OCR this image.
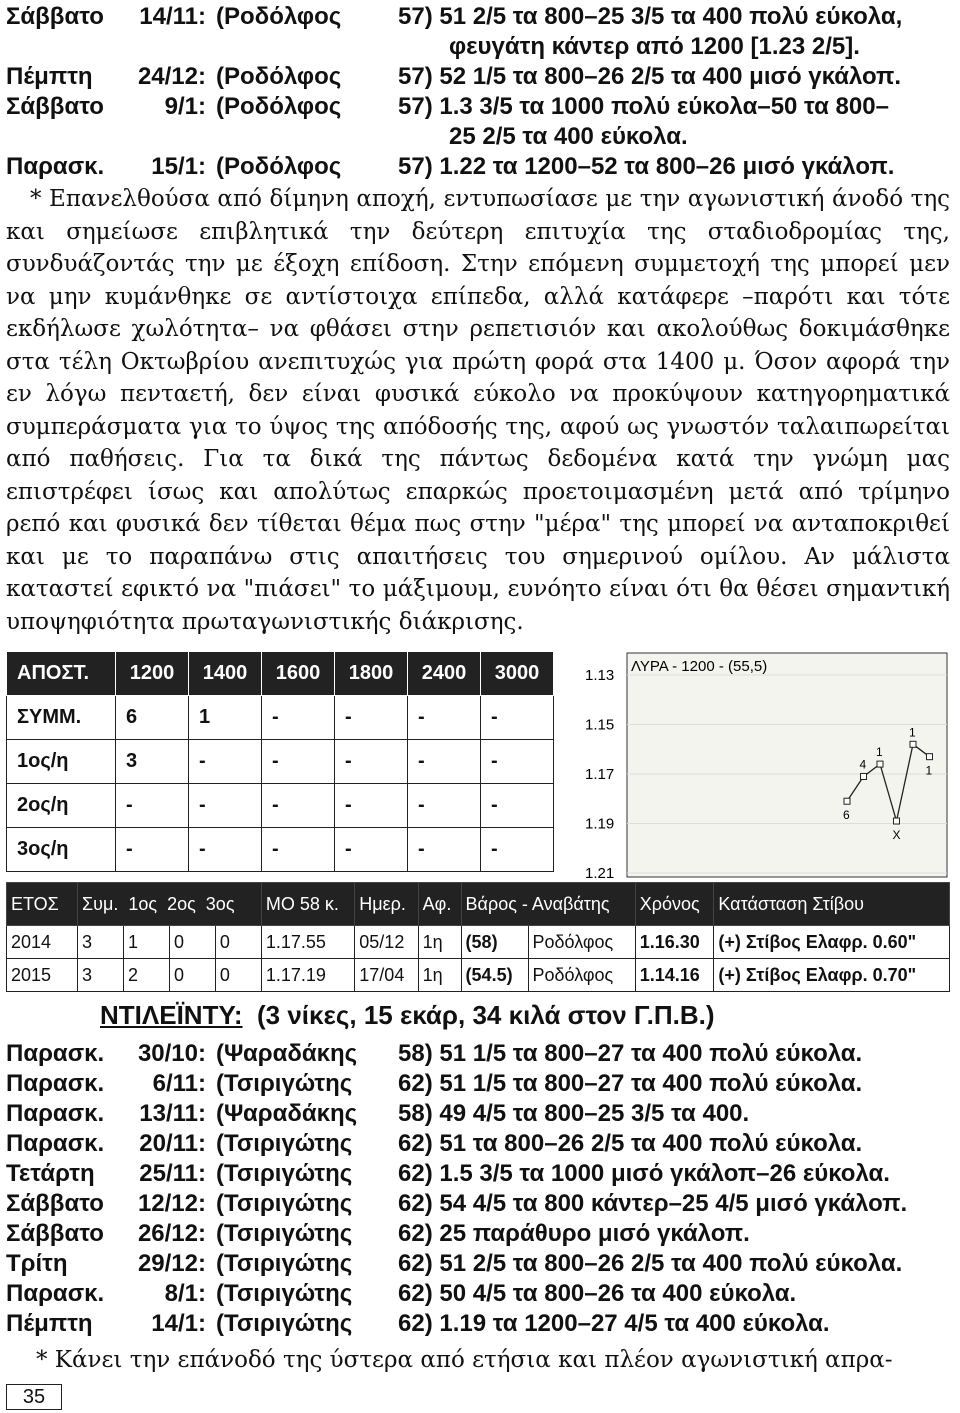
Σάββατο	14/11: (Ροδόλφος 57) 51 2/5 τα 800–25 3/5 τα 400 πολύ εύκολα,
φευγάτη κάντερ από 1200 [1.23 2/5].
Πέμπτη	24/12: (Ροδόλφος 57) 52 1/5 τα 800–26 2/5 τα 400 μισό γκάλοπ.
Σάββατο	9/1: (Ροδόλφος 57) 1.3 3/5 τα 1000 πολύ εύκολα–50 τα 800–
25 2/5 τα 400 εύκολα.
Παρασκ.	15/1: (Ροδόλφος 57) 1.22 τα 1200–52 τα 800–26 μισό γκάλοπ.

* Επανελθούσα από δίμηνη αποχή, εντυπωσίασε με την αγωνιστική άνοδό της και σημείωσε επιβλητικά την δεύτερη επιτυχία της σταδιοδρομίας της, συνδυάζοντάς την με έξοχη επίδοση. Στην επόμενη συμμετοχή της μπορεί μεν να μην κυμάνθηκε σε αντίστοιχα επίπεδα, αλλά κατάφερε –παρότι και τότε εκδήλωσε χωλότητα– να φθάσει στην ρεπετισιόν και ακολούθως δοκιμάσθηκε στα τέλη Οκτωβρίου ανεπιτυχώς για πρώτη φορά στα 1400 μ. Όσον αφορά την εν λόγω πενταετή, δεν είναι φυσικά εύκολο να προκύψουν κατηγορηματικά συμπεράσματα για το ύψος της απόδοσής της, αφού ως γνωστόν ταλαιπωρείται από παθήσεις. Για τα δικά της πάντως δεδομένα κατά την γνώμη μας επιστρέφει ίσως και απολύτως επαρκώς προετοιμασμένη μετά από τρίμηνο ρεπό και φυσικά δεν τίθεται θέμα πως στην "μέρα" της μπορεί να ανταποκριθεί και με το παραπάνω στις απαιτήσεις του σημερινού ομίλου. Αν μάλιστα καταστεί εφικτό να "πιάσει" το μάξιμουμ, ευνόητο είναι ότι θα θέσει σημαντική υποψηφιότητα πρωταγωνιστικής διάκρισης.

ΑΠΟΣΤ.	1200	1400	1600	1800	2400	3000
ΣΥΜΜ.	6	1	-	-	-	-
1ος/η	3	-	-	-	-	-
2ος/η	-	-	-	-	-	-
3ος/η	-	-	-	-	-	-
ΛΥΡΑ - 1200 - (55,5)
1.13
1.15
1.17
1.19
1.21
6
4
1
X
1
1
ΕΤΟΣ	Συμ. 1ος 2ος 3ος				ΜΟ 58 κ.	Ημερ.	Αφ.	Βάρος - Αναβάτης		Χρόνος	Κατάσταση Στίβου
2014	3	1	0	0	1.17.55	05/12	1η	(58)	Ροδόλφος	1.16.30	(+) Στίβος Ελαφρ. 0.60"
2015	3	2	0	0	1.17.19	17/04	1η	(54.5)	Ροδόλφος	1.14.16	(+) Στίβος Ελαφρ. 0.70"
ΝΤΙΛΕΪΝΤΥ: (3 νίκες, 15 εκάρ, 34 κιλά στον Γ.Π.Β.)
Παρασκ.	30/10: (Ψαραδάκης 58) 51 1/5 τα 800–27 τα 400 πολύ εύκολα.
Παρασκ.	6/11: (Τσιριγώτης 62) 51 1/5 τα 800–27 τα 400 πολύ εύκολα.
Παρασκ.	13/11: (Ψαραδάκης 58) 49 4/5 τα 800–25 3/5 τα 400.
Παρασκ.	20/11: (Τσιριγώτης 62) 51 τα 800–26 2/5 τα 400 πολύ εύκολα.
Τετάρτη	25/11: (Τσιριγώτης 62) 1.5 3/5 τα 1000 μισό γκάλοπ–26 εύκολα.
Σάββατο	12/12: (Τσιριγώτης 62) 54 4/5 τα 800 κάντερ–25 4/5 μισό γκάλοπ.
Σάββατο	26/12: (Τσιριγώτης 62) 25 παράθυρο μισό γκάλοπ.
Τρίτη	29/12: (Τσιριγώτης 62) 51 2/5 τα 800–26 2/5 τα 400 πολύ εύκολα.
Παρασκ.	8/1: (Τσιριγώτης 62) 50 4/5 τα 800–26 τα 400 εύκολα.
Πέμπτη	14/1: (Τσιριγώτης 62) 1.19 τα 1200–27 4/5 τα 400 εύκολα.

* Κάνει την επάνοδό της ύστερα από ετήσια και πλέον αγωνιστική απρα-

35
